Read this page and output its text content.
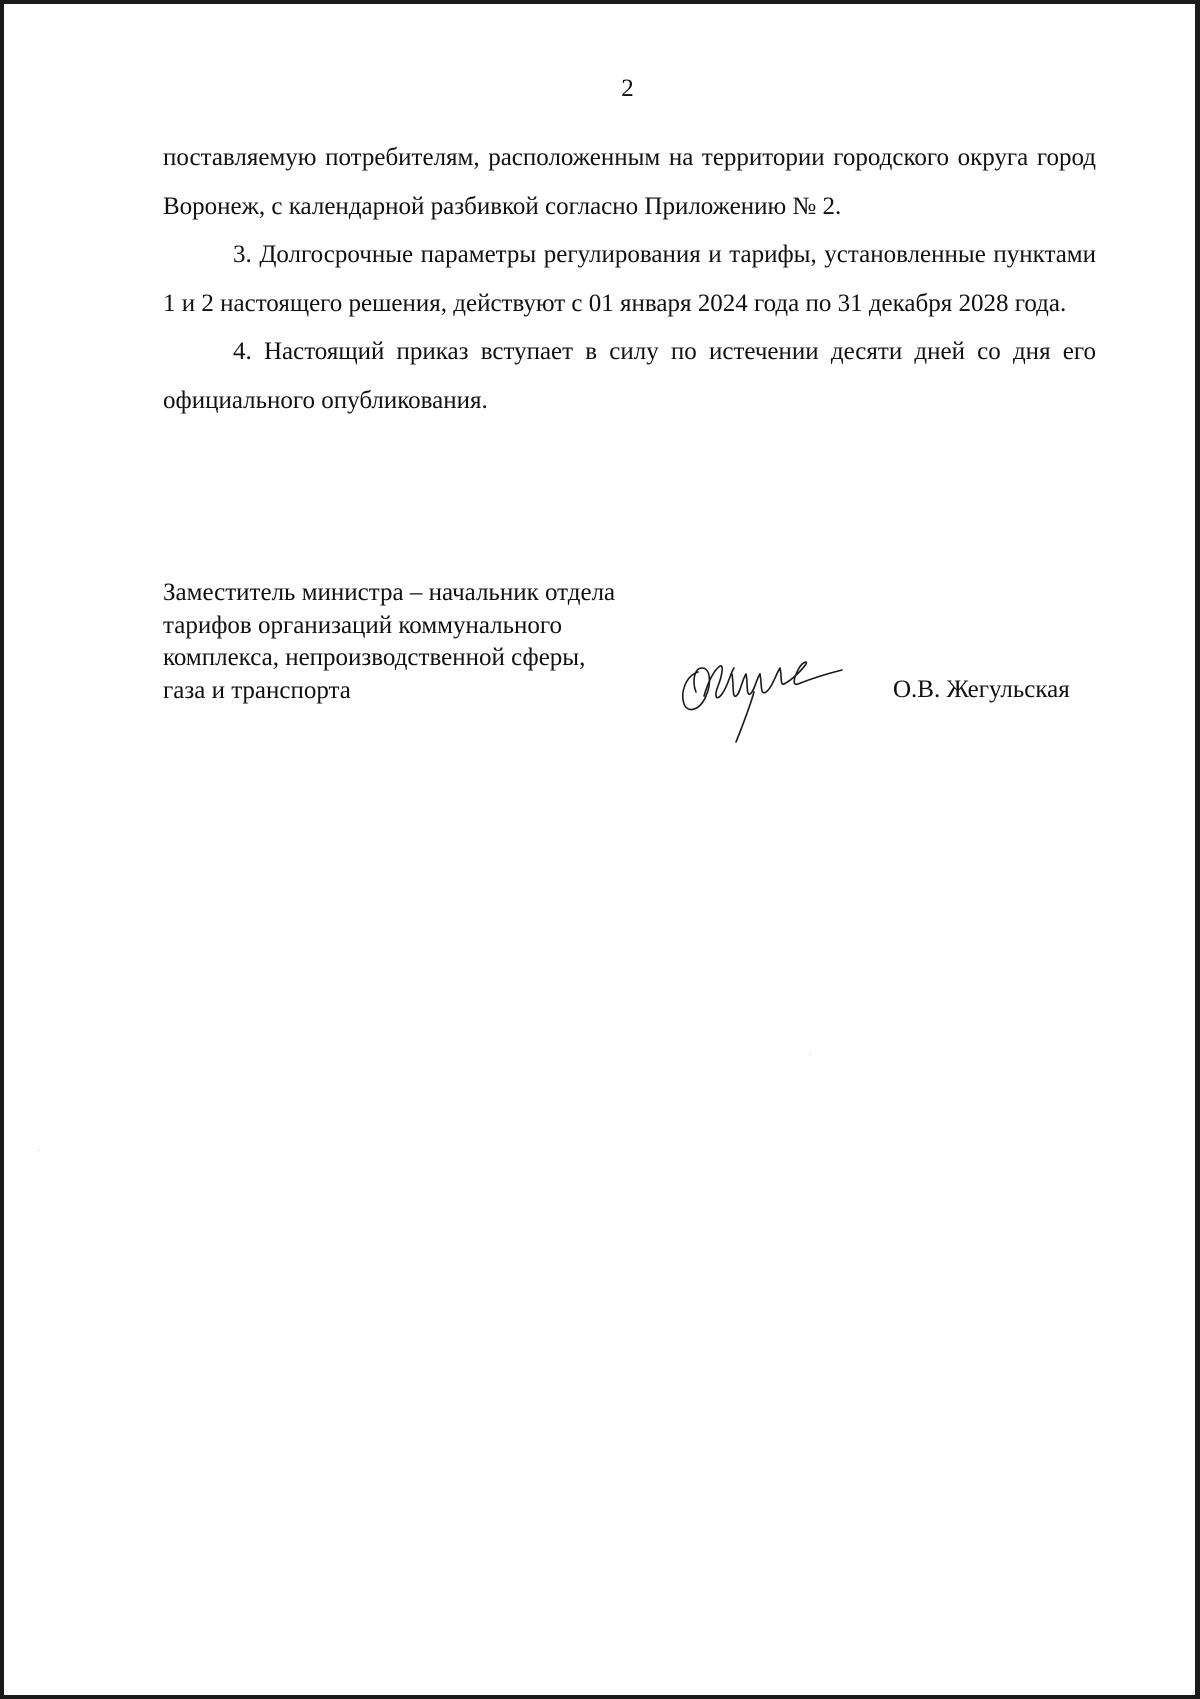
2

поставляемую потребителям, расположенным на территории городского округа город Воронеж, с календарной разбивкой согласно Приложению № 2.

3. Долгосрочные параметры регулирования и тарифы, установленные пунктами 1 и 2 настоящего решения, действуют с 01 января 2024 года по 31 декабря 2028 года.

4. Настоящий приказ вступает в силу по истечении десяти дней со дня его официального опубликования.

Заместитель министра – начальник отдела
тарифов организаций коммунального
комплекса, непроизводственной сферы,
газа и транспорта	О.В. Жегульская
